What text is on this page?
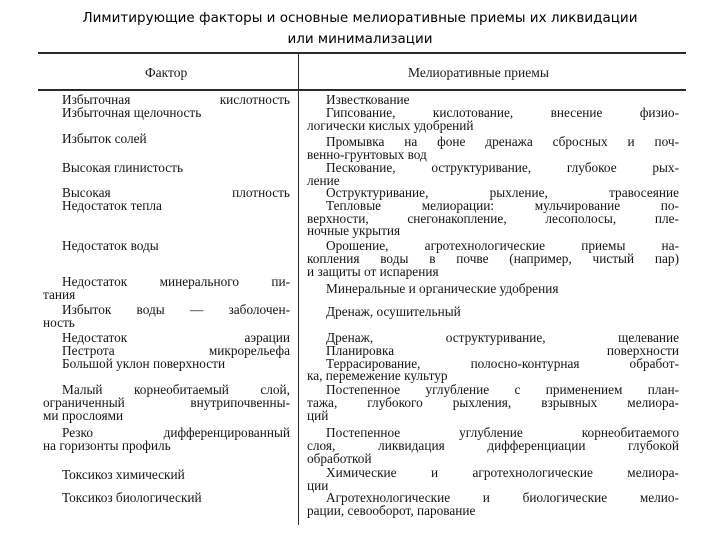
Лимитирующие факторы и основные мелиоративные приемы их ликвидации
или минимализации
Фактор	Мелиоративные приемы
Избыточная кислотность
Избыточная щелочность
Избыток солей
Высокая глинистость
Высокая плотность
Недостаток тепла
Недостаток воды
Недостаток минерального пи-
тания
Избыток воды — заболочен-
ность
Недостаток аэрации
Пестрота микрорельефа
Большой уклон поверхности
Малый корнеобитаемый слой,
ограниченный внутрипочвенны-
ми прослоями
Резко дифференцированный
на горизонты профиль
Токсикоз химический
Токсикоз биологический
Известкование
Гипсование, кислотование, внесение физио-
логически кислых удобрений
Промывка на фоне дренажа сбросных и поч-
венно-грунтовых вод
Пескование, оструктуривание, глубокое рых-
ление
Оструктуривание, рыхление, травосеяние
Тепловые мелиорации: мульчирование по-
верхности, снегонакопление, лесополосы, пле-
ночные укрытия
Орошение, агротехнологические приемы на-
копления воды в почве (например, чистый пар)
и защиты от испарения
Минеральные и органические удобрения
Дренаж, осушительный
Дренаж, оструктуривание, щелевание
Планировка поверхности
Террасирование, полосно-контурная обработ-
ка, перемежение культур
Постепенное углубление с применением план-
тажа, глубокого рыхления, взрывных мелиора-
ций
Постепенное углубление корнеобитаемого
слоя, ликвидация дифференциации глубокой
обработкой
Химические и агротехнологические мелиора-
ции
Агротехнологические и биологические мелио-
рации, севооборот, парование
